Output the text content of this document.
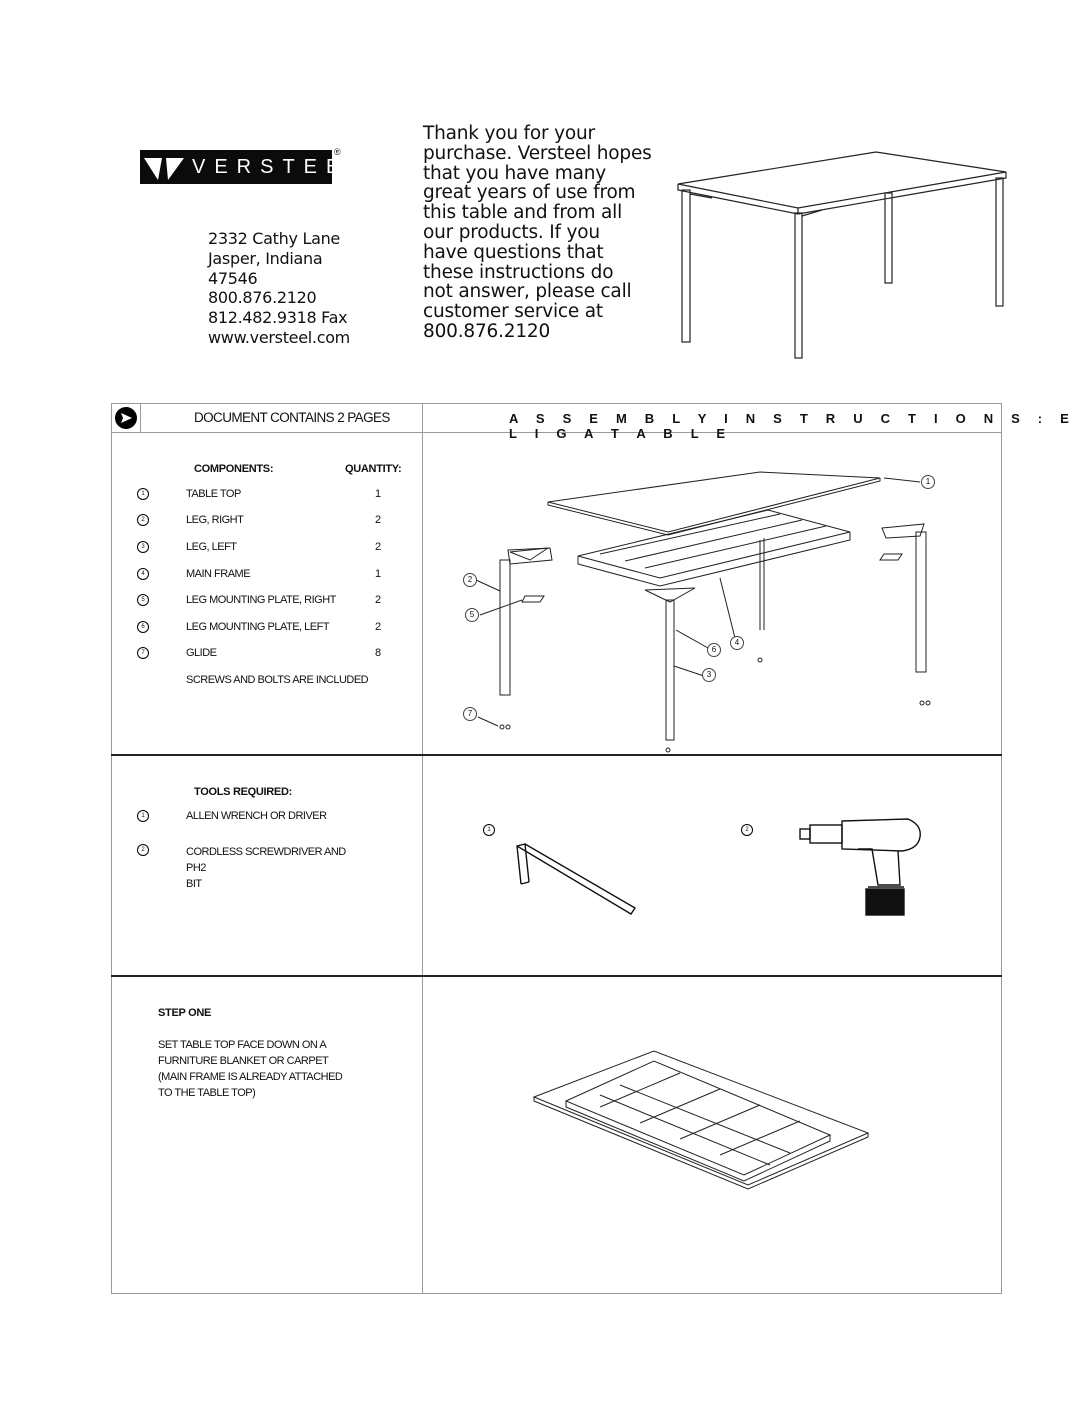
VERSTEEL
®
2332 Cathy Lane
Jasper, Indiana
47546
800.876.2120
812.482.9318 Fax
www.versteel.com
Thank you for your
purchase. Versteel hopes
that you have many
great years of use from
this table and from all
our products. If you
have questions that
these instructions do
not answer, please call
customer service at
800.876.2120
DOCUMENT CONTAINS 2 PAGES	A S S E M B L Y I N S T R U C T I O N S : E L I G A T A B L E
COMPONENTS:	QUANTITY:
1	TABLE TOP	1
2	LEG, RIGHT	2
3	LEG, LEFT	2
4	MAIN FRAME	1
5	LEG MOUNTING PLATE, RIGHT	2
6	LEG MOUNTING PLATE, LEFT	2
7	GLIDE	8
SCREWS AND BOLTS ARE INCLUDED
1
2
5
6
4
3
7
TOOLS REQUIRED:
1	ALLEN WRENCH OR DRIVER
2	CORDLESS SCREWDRIVER AND PH2
BIT
1	2
STEP ONE
SET TABLE TOP FACE DOWN ON A
FURNITURE BLANKET OR CARPET
(MAIN FRAME IS ALREADY ATTACHED
TO THE TABLE TOP)
